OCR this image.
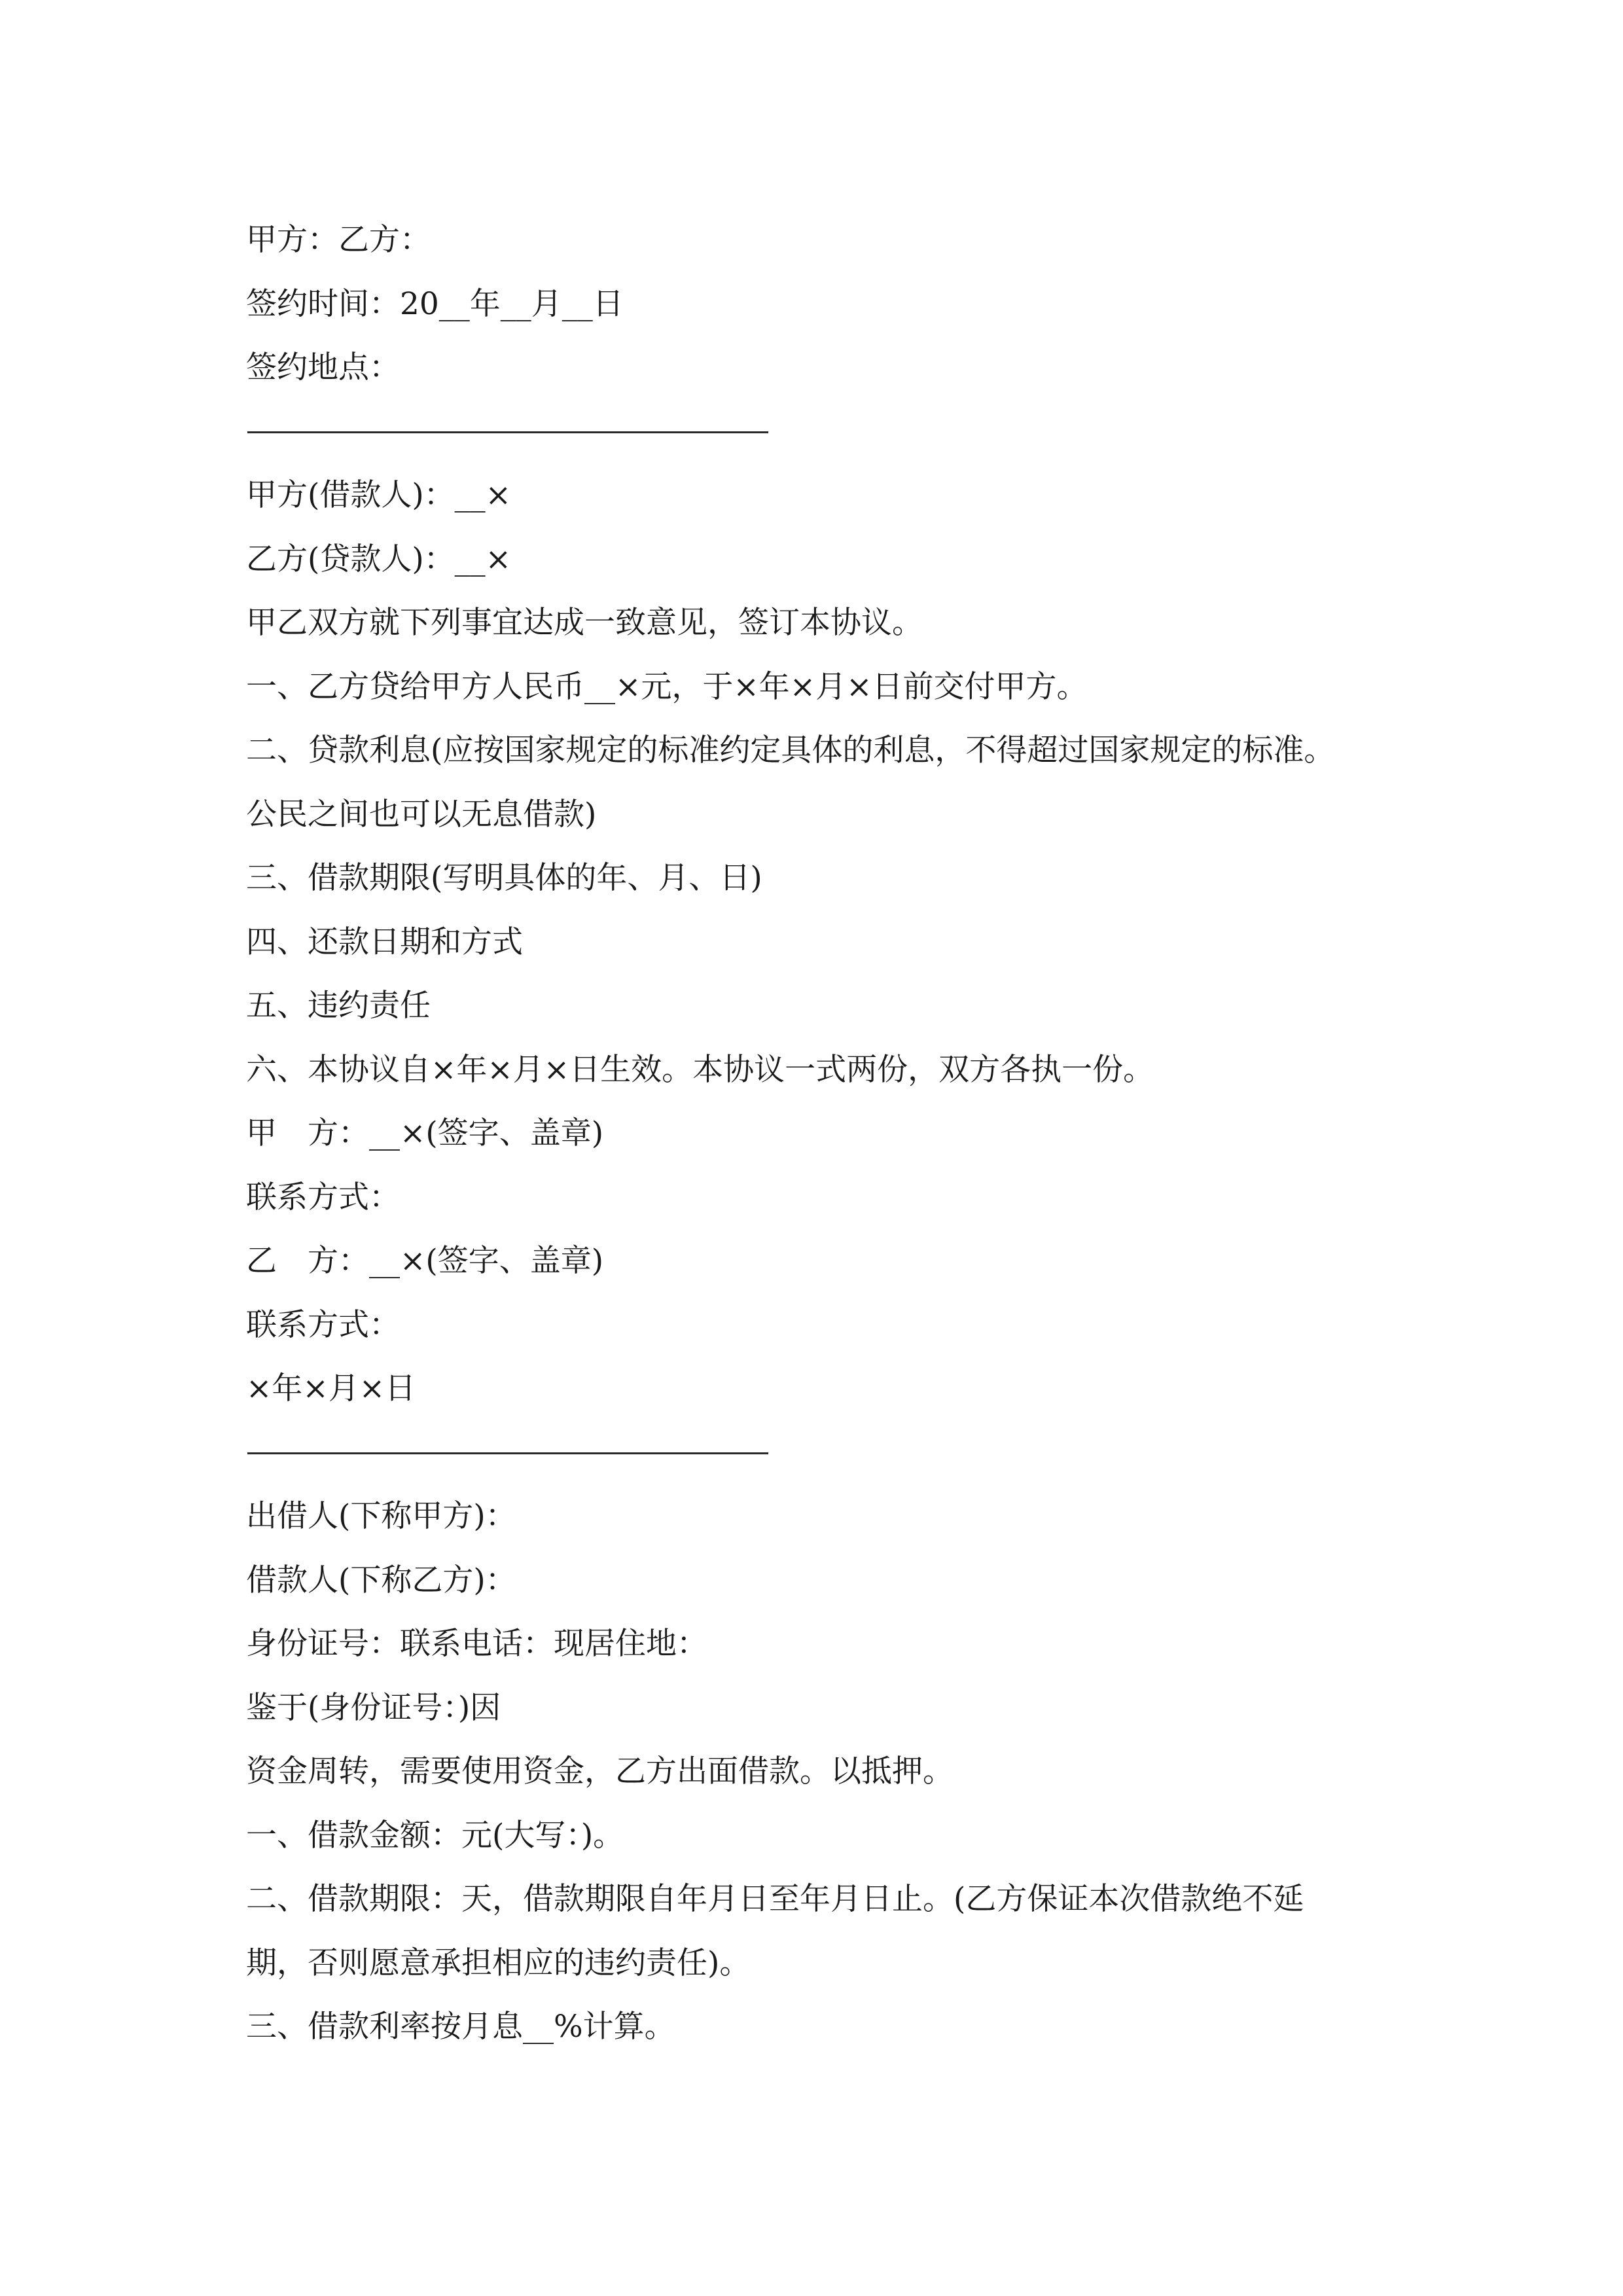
甲方：乙方：
签约时间：20__年__月__日
签约地点：
甲方(借款人)：__×
乙方(贷款人)：__×
甲乙双方就下列事宜达成一致意见，签订本协议。
一、乙方贷给甲方人民币__×元，于×年×月×日前交付甲方。
二、贷款利息(应按国家规定的标准约定具体的利息，不得超过国家规定的标准。
公民之间也可以无息借款)
三、借款期限(写明具体的年、月、日)
四、还款日期和方式
五、违约责任
六、本协议自×年×月×日生效。本协议一式两份，双方各执一份。
甲　方：__×(签字、盖章)
联系方式：
乙　方：__×(签字、盖章)
联系方式：
×年×月×日
出借人(下称甲方)：
借款人(下称乙方)：
身份证号：联系电话：现居住地：
鉴于(身份证号：)因
资金周转，需要使用资金，乙方出面借款。以抵押。
一、借款金额：元(大写：)。
二、借款期限：天，借款期限自年月日至年月日止。(乙方保证本次借款绝不延
期，否则愿意承担相应的违约责任)。
三、借款利率按月息__%计算。
